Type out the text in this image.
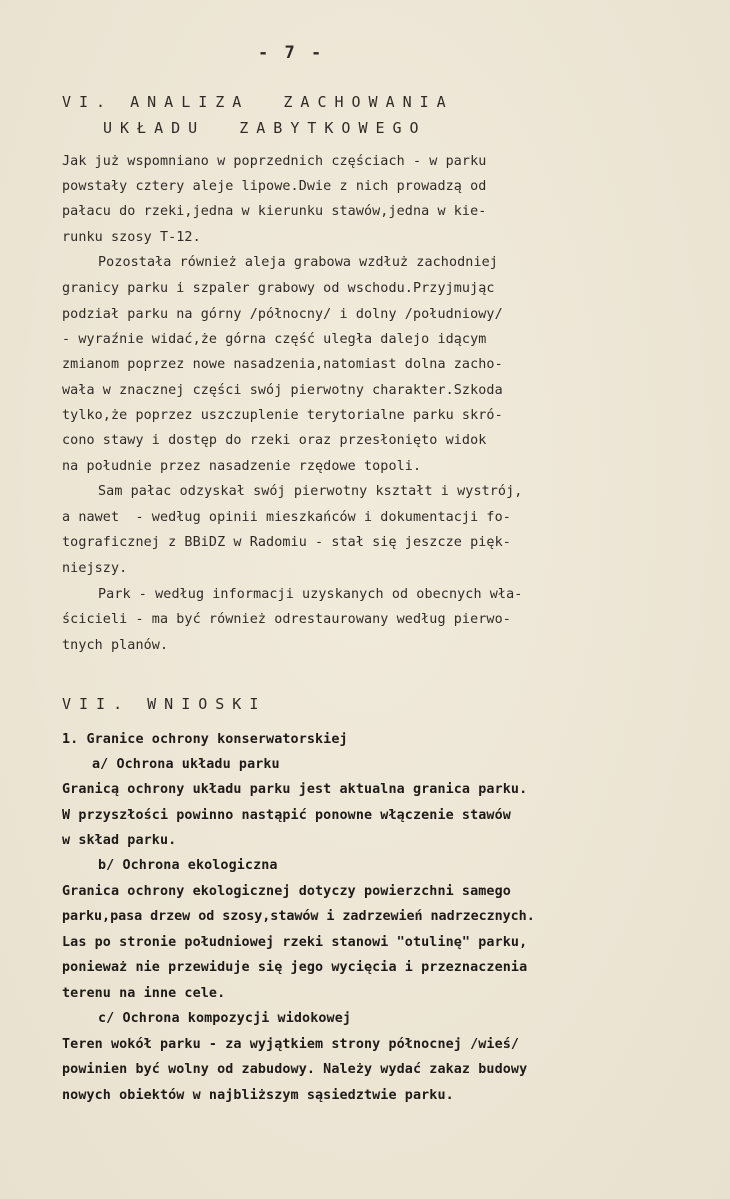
- 7 -

VI. ANALIZA  ZACHOWANIA

UKŁADU  ZABYTKOWEGO

Jak już wspomniano w poprzednich częściach - w parku

powstały cztery aleje lipowe.Dwie z nich prowadzą od

pałacu do rzeki,jedna w kierunku stawów,jedna w kie-

runku szosy T-12.

Pozostała również aleja grabowa wzdłuż zachodniej

granicy parku i szpaler grabowy od wschodu.Przyjmując

podział parku na górny /północny/ i dolny /południowy/

- wyraźnie widać,że górna część uległa dalejo idącym

zmianom poprzez nowe nasadzenia,natomiast dolna zacho-

wała w znacznej części swój pierwotny charakter.Szkoda

tylko,że poprzez uszczuplenie terytorialne parku skró-

cono stawy i dostęp do rzeki oraz przesłonięto widok

na południe przez nasadzenie rzędowe topoli.

Sam pałac odzyskał swój pierwotny kształt i wystrój,

a nawet  - według opinii mieszkańców i dokumentacji fo-

tograficznej z BBiDZ w Radomiu - stał się jeszcze pięk-

niejszy.

Park - według informacji uzyskanych od obecnych wła-

ścicieli - ma być również odrestaurowany według pierwo-

tnych planów.

VII. WNIOSKI

1. Granice ochrony konserwatorskiej

a/ Ochrona układu parku

Granicą ochrony układu parku jest aktualna granica parku.

W przyszłości powinno nastąpić ponowne włączenie stawów

w skład parku.

b/ Ochrona ekologiczna

Granica ochrony ekologicznej dotyczy powierzchni samego

parku,pasa drzew od szosy,stawów i zadrzewień nadrzecznych.

Las po stronie południowej rzeki stanowi "otulinę" parku,

ponieważ nie przewiduje się jego wycięcia i przeznaczenia

terenu na inne cele.

c/ Ochrona kompozycji widokowej

Teren wokół parku - za wyjątkiem strony północnej /wieś/

powinien być wolny od zabudowy. Należy wydać zakaz budowy

nowych obiektów w najbliższym sąsiedztwie parku.
